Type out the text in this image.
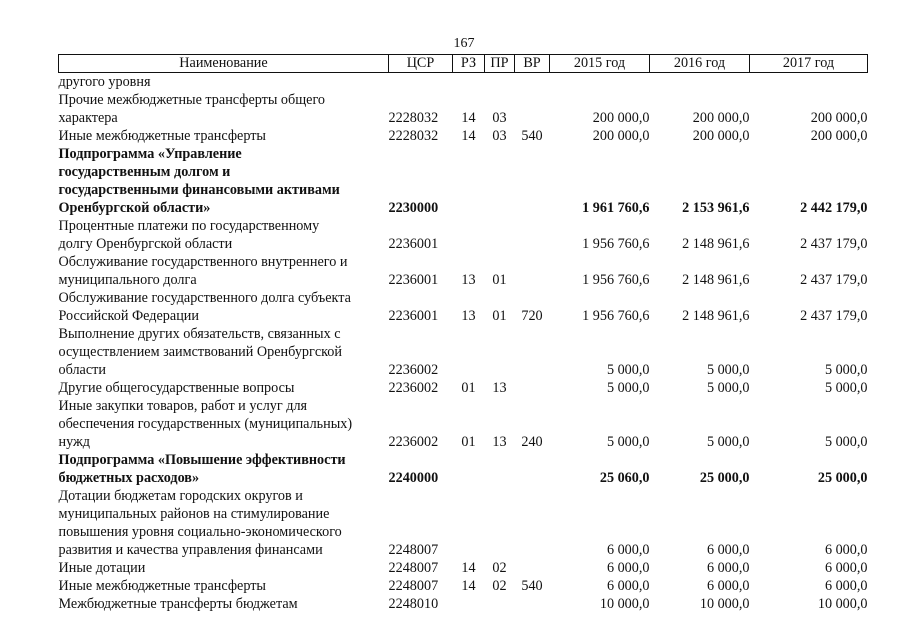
167
Наименование	ЦСР	РЗ	ПР	ВР	2015 год	2016 год	2017 год
другого уровня							
Прочие межбюджетные трансферты общего
характера	2228032	14	03		200 000,0	200 000,0	200 000,0
Иные межбюджетные трансферты	2228032	14	03	540	200 000,0	200 000,0	200 000,0
Подпрограмма «Управление
государственным долгом и
государственными финансовыми активами
Оренбургской области»	2230000				1 961 760,6	2 153 961,6	2 442 179,0
Процентные платежи по государственному
долгу Оренбургской области	2236001				1 956 760,6	2 148 961,6	2 437 179,0
Обслуживание государственного внутреннего и
муниципального долга	2236001	13	01		1 956 760,6	2 148 961,6	2 437 179,0
Обслуживание государственного долга субъекта
Российской Федерации	2236001	13	01	720	1 956 760,6	2 148 961,6	2 437 179,0
Выполнение других обязательств, связанных с
осуществлением заимствований Оренбургской
области	2236002				5 000,0	5 000,0	5 000,0
Другие общегосударственные вопросы	2236002	01	13		5 000,0	5 000,0	5 000,0
Иные закупки товаров, работ и услуг для
обеспечения государственных (муниципальных)
нужд	2236002	01	13	240	5 000,0	5 000,0	5 000,0
Подпрограмма «Повышение эффективности
бюджетных расходов»	2240000				25 060,0	25 000,0	25 000,0
Дотации бюджетам городских округов и
муниципальных районов на стимулирование
повышения уровня социально-экономического
развития и качества управления финансами	2248007				6 000,0	6 000,0	6 000,0
Иные дотации	2248007	14	02		6 000,0	6 000,0	6 000,0
Иные межбюджетные трансферты	2248007	14	02	540	6 000,0	6 000,0	6 000,0
Межбюджетные трансферты бюджетам	2248010				10 000,0	10 000,0	10 000,0
